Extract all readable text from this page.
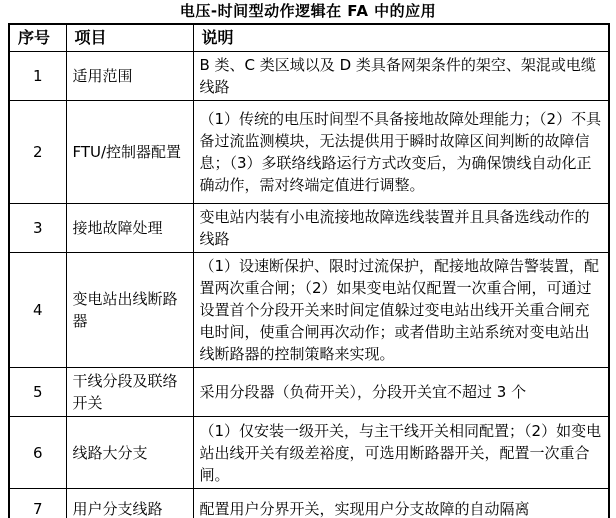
电压-时间型动作逻辑在 FA 中的应用
序号	项目	说明
1	适用范围	B 类、C 类区域以及 D 类具备网架条件的架空、架混或电缆线路
2	FTU/控制器配置	（1）传统的电压时间型不具备接地故障处理能力；（2）不具备过流监测模块，无法提供用于瞬时故障区间判断的故障信息；（3）多联络线路运行方式改变后，为确保馈线自动化正确动作，需对终端定值进行调整。
3	接地故障处理	变电站内装有小电流接地故障选线装置并且具备选线动作的线路
4	变电站出线断路器	（1）设速断保护、限时过流保护，配接地故障告警装置，配置两次重合闸；（2）如果变电站仅配置一次重合闸，可通过设置首个分段开关来时间定值躲过变电站出线开关重合闸充电时间，使重合闸再次动作；或者借助主站系统对变电站出线断路器的控制策略来实现。
5	干线分段及联络开关	采用分段器（负荷开关），分段开关宜不超过 3 个
6	线路大分支	（1）仅安装一级开关，与主干线开关相同配置；（2）如变电站出线开关有级差裕度，可选用断路器开关，配置一次重合闸。
7	用户分支线路	配置用户分界开关，实现用户分支故障的自动隔离
